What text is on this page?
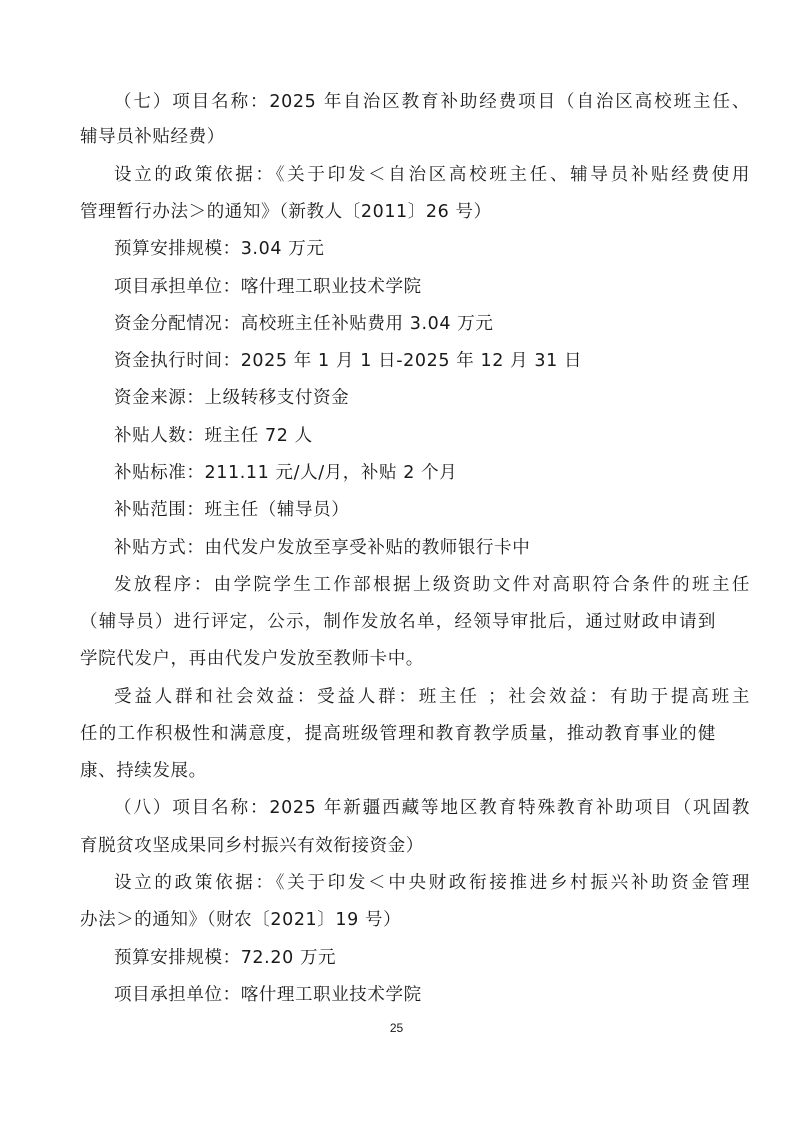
（七）项目名称：2025 年自治区教育补助经费项目（自治区高校班主任、

辅导员补贴经费）

设立的政策依据：《关于印发＜自治区高校班主任、辅导员补贴经费使用

管理暂行办法＞的通知》（新教人〔2011〕26 号）

预算安排规模：3.04 万元

项目承担单位：喀什理工职业技术学院

资金分配情况：高校班主任补贴费用 3.04 万元

资金执行时间：2025 年 1 月 1 日-2025 年 12 月 31 日

资金来源：上级转移支付资金

补贴人数：班主任 72 人

补贴标准：211.11 元/人/月，补贴 2 个月

补贴范围：班主任（辅导员）

补贴方式：由代发户发放至享受补贴的教师银行卡中

发放程序：由学院学生工作部根据上级资助文件对高职符合条件的班主任

（辅导员）进行评定，公示，制作发放名单，经领导审批后，通过财政申请到

学院代发户，再由代发户发放至教师卡中。

受益人群和社会效益：受益人群：班主任 ；社会效益：有助于提高班主

任的工作积极性和满意度，提高班级管理和教育教学质量，推动教育事业的健

康、持续发展。

（八）项目名称：2025 年新疆西藏等地区教育特殊教育补助项目（巩固教

育脱贫攻坚成果同乡村振兴有效衔接资金）

设立的政策依据：《关于印发＜中央财政衔接推进乡村振兴补助资金管理

办法＞的通知》（财农〔2021〕19 号）

预算安排规模：72.20 万元

项目承担单位：喀什理工职业技术学院

25
